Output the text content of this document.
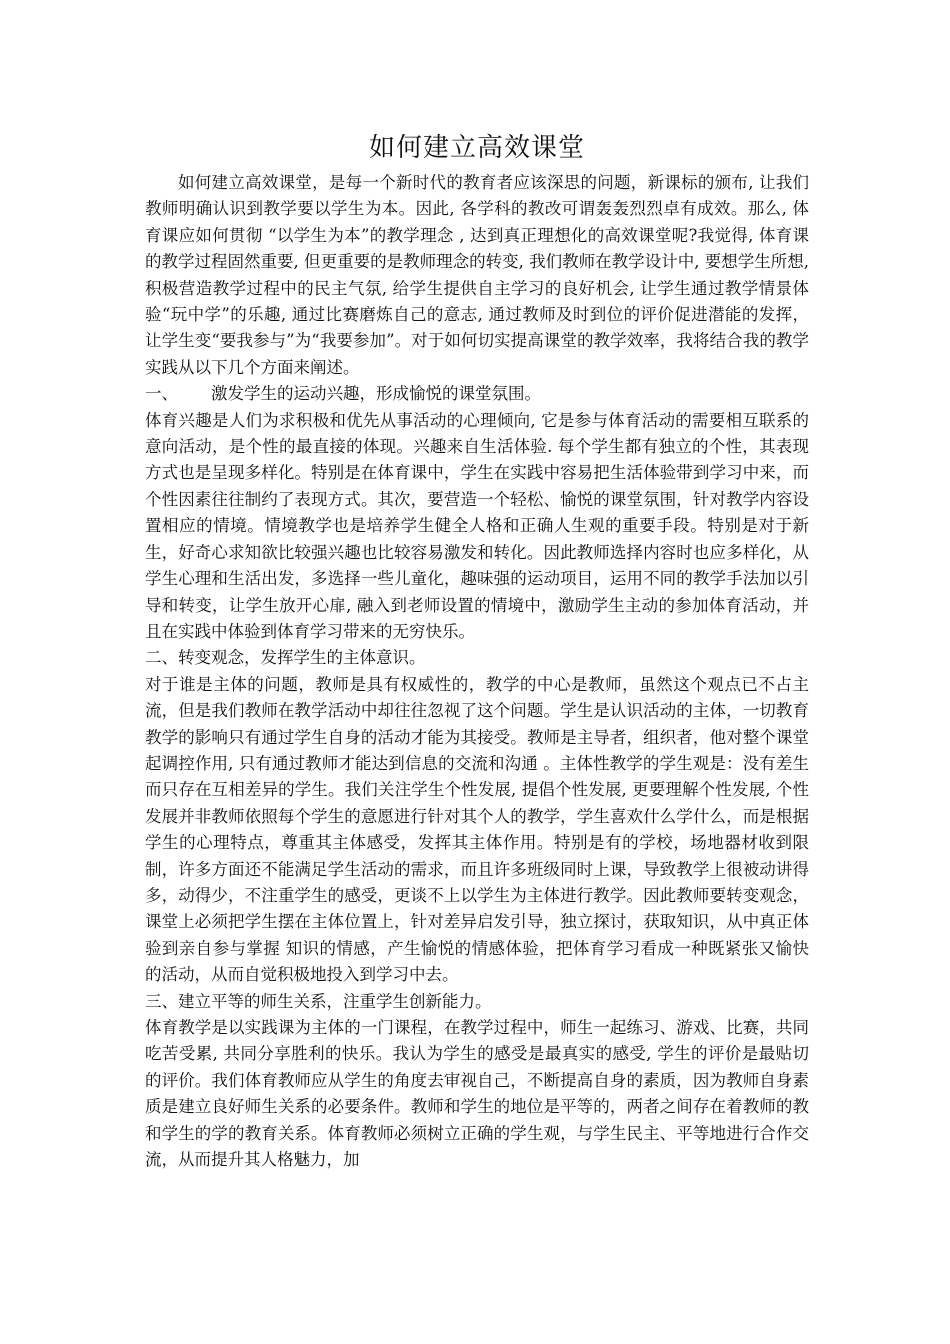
如何建立高效课堂

如何建立高效课堂，是每一个新时代的教育者应该深思的问题，新课标的颁布, 让我们教师明确认识到教学要以学生为本。因此, 各学科的教改可谓轰轰烈烈卓有成效。那么, 体育课应如何贯彻 “以学生为本”的教学理念 , 达到真正理想化的高效课堂呢?我觉得, 体育课的教学过程固然重要, 但更重要的是教师理念的转变, 我们教师在教学设计中, 要想学生所想, 积极营造教学过程中的民主气氛, 给学生提供自主学习的良好机会, 让学生通过教学情景体验“玩中学”的乐趣, 通过比赛磨炼自己的意志, 通过教师及时到位的评价促进潜能的发挥，让学生变“要我参与”为“我要参加”。对于如何切实提高课堂的教学效率，我将结合我的教学实践从以下几个方面来阐述。

一、 激发学生的运动兴趣，形成愉悦的课堂氛围。

体育兴趣是人们为求积极和优先从事活动的心理倾向, 它是参与体育活动的需要相互联系的意向活动，是个性的最直接的体现。兴趣来自生活体验. 每个学生都有独立的个性，其表现方式也是呈现多样化。特别是在体育课中，学生在实践中容易把生活体验带到学习中来，而个性因素往往制约了表现方式。其次，要营造一个轻松、愉悦的课堂氛围，针对教学内容设置相应的情境。情境教学也是培养学生健全人格和正确人生观的重要手段。特别是对于新生，好奇心求知欲比较强兴趣也比较容易激发和转化。因此教师选择内容时也应多样化，从学生心理和生活出发，多选择一些儿童化，趣味强的运动项目，运用不同的教学手法加以引导和转变，让学生放开心扉, 融入到老师设置的情境中，激励学生主动的参加体育活动，并且在实践中体验到体育学习带来的无穷快乐。

二、转变观念，发挥学生的主体意识。

对于谁是主体的问题，教师是具有权威性的，教学的中心是教师，虽然这个观点已不占主流，但是我们教师在教学活动中却往往忽视了这个问题。学生是认识活动的主体，一切教育教学的影响只有通过学生自身的活动才能为其接受。教师是主导者，组织者，他对整个课堂起调控作用, 只有通过教师才能达到信息的交流和沟通 。主体性教学的学生观是：没有差生而只存在互相差异的学生。我们关注学生个性发展, 提倡个性发展, 更要理解个性发展, 个性发展并非教师依照每个学生的意愿进行针对其个人的教学，学生喜欢什么学什么，而是根据学生的心理特点，尊重其主体感受，发挥其主体作用。特别是有的学校，场地器材收到限制，许多方面还不能满足学生活动的需求，而且许多班级同时上课，导致教学上很被动讲得多，动得少，不注重学生的感受，更谈不上以学生为主体进行教学。因此教师要转变观念，课堂上必须把学生摆在主体位置上，针对差异启发引导，独立探讨，获取知识，从中真正体验到亲自参与掌握 知识的情感，产生愉悦的情感体验，把体育学习看成一种既紧张又愉快的活动，从而自觉积极地投入到学习中去。

三、建立平等的师生关系，注重学生创新能力。

体育教学是以实践课为主体的一门课程，在教学过程中，师生一起练习、游戏、比赛，共同吃苦受累, 共同分享胜利的快乐。我认为学生的感受是最真实的感受, 学生的评价是最贴切的评价。我们体育教师应从学生的角度去审视自己，不断提高自身的素质，因为教师自身素质是建立良好师生关系的必要条件。教师和学生的地位是平等的，两者之间存在着教师的教和学生的学的教育关系。体育教师必须树立正确的学生观，与学生民主、平等地进行合作交流，从而提升其人格魅力，加
